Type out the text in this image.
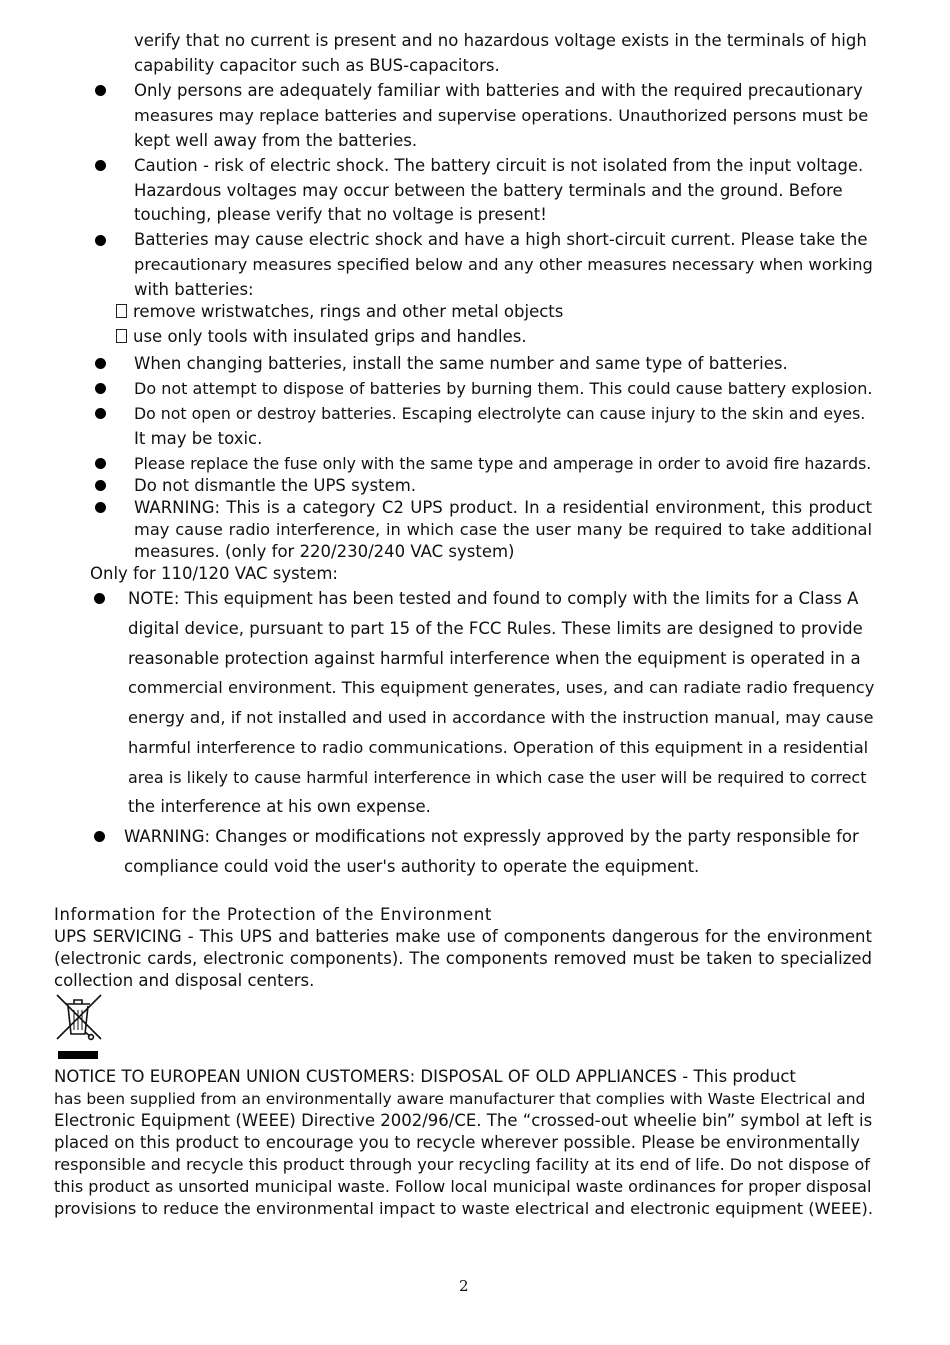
verify that no current is present and no hazardous voltage exists in the terminals of high
capability capacitor such as BUS-capacitors.
Only persons are adequately familiar with batteries and with the required precautionary
measures may replace batteries and supervise operations. Unauthorized persons must be
kept well away from the batteries.
Caution - risk of electric shock. The battery circuit is not isolated from the input voltage.
Hazardous voltages may occur between the battery terminals and the ground. Before
touching, please verify that no voltage is present!
Batteries may cause electric shock and have a high short-circuit current. Please take the
precautionary measures specified below and any other measures necessary when working
with batteries:
remove wristwatches, rings and other metal objects
use only tools with insulated grips and handles.
When changing batteries, install the same number and same type of batteries.
Do not attempt to dispose of batteries by burning them. This could cause battery explosion.
Do not open or destroy batteries. Escaping electrolyte can cause injury to the skin and eyes.
It may be toxic.
Please replace the fuse only with the same type and amperage in order to avoid fire hazards.
Do not dismantle the UPS system.
WARNING: This is a category C2 UPS product. In a residential environment, this product
may cause radio interference, in which case the user many be required to take additional
measures. (only for 220/230/240 VAC system)
Only for 110/120 VAC system:
NOTE: This equipment has been tested and found to comply with the limits for a Class A
digital device, pursuant to part 15 of the FCC Rules. These limits are designed to provide
reasonable protection against harmful interference when the equipment is operated in a
commercial environment. This equipment generates, uses, and can radiate radio frequency
energy and, if not installed and used in accordance with the instruction manual, may cause
harmful interference to radio communications. Operation of this equipment in a residential
area is likely to cause harmful interference in which case the user will be required to correct
the interference at his own expense.
WARNING: Changes or modifications not expressly approved by the party responsible for
compliance could void the user's authority to operate the equipment.
Information for the Protection of the Environment
UPS SERVICING - This UPS and batteries make use of components dangerous for the environment
(electronic cards, electronic components). The components removed must be taken to specialized
collection and disposal centers.
NOTICE TO EUROPEAN UNION CUSTOMERS: DISPOSAL OF OLD APPLIANCES - This product
has been supplied from an environmentally aware manufacturer that complies with Waste Electrical and
Electronic Equipment (WEEE) Directive 2002/96/CE. The “crossed-out wheelie bin” symbol at left is
placed on this product to encourage you to recycle wherever possible. Please be environmentally
responsible and recycle this product through your recycling facility at its end of life. Do not dispose of
this product as unsorted municipal waste. Follow local municipal waste ordinances for proper disposal
provisions to reduce the environmental impact to waste electrical and electronic equipment (WEEE).
2
